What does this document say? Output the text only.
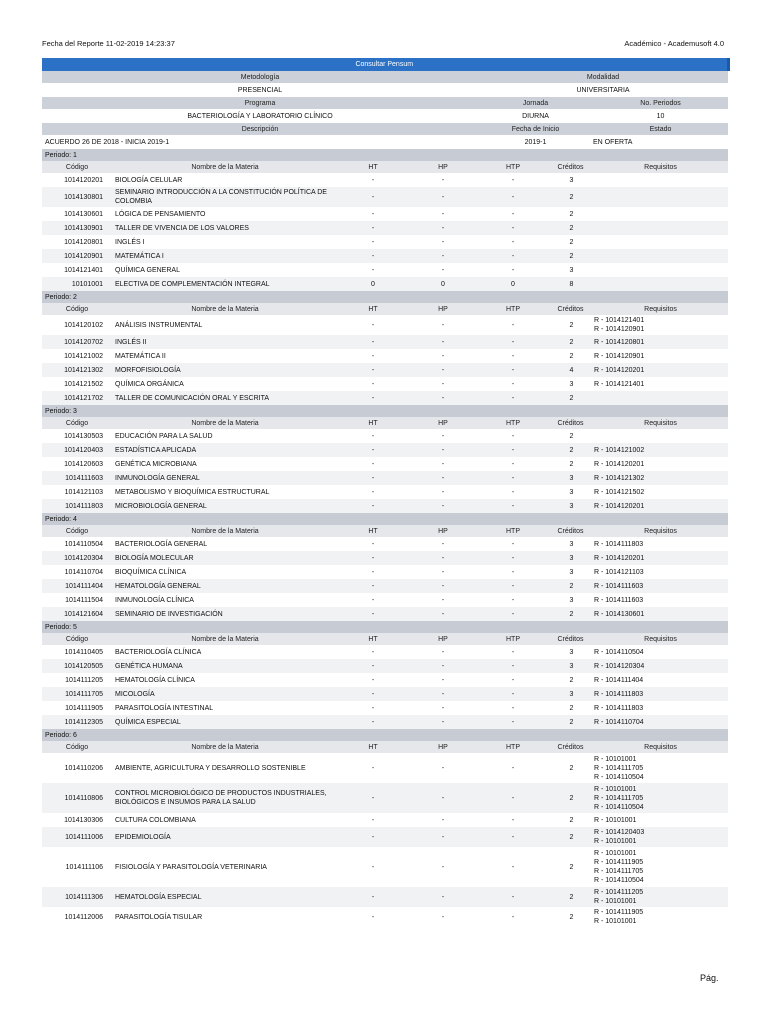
Fecha del Reporte 11-02-2019 14:23:37	Académico - Academusoft 4.0
Consultar Pensum						
Metodología				Modalidad		
PRESENCIAL				UNIVERSITARIA		
Programa				Jornada		No. Periodos
BACTERIOLOGÍA Y LABORATORIO CLÍNICO				DIURNA		10
Descripción				Fecha de Inicio		Estado
ACUERDO 26 DE 2018 - INICIA 2019-1				2019-1		EN OFERTA
Periodo: 1						
Código	Nombre de la Materia	HT	HP	HTP	Créditos	Requisitos
1014120201	BIOLOGÍA CELULAR	-	-	-	3	
1014130801	SEMINARIO INTRODUCCIÓN A LA CONSTITUCIÓN POLÍTICA DE COLOMBIA	-	-	-	2	
1014130601	LÓGICA DE PENSAMIENTO	-	-	-	2	
1014130901	TALLER DE VIVENCIA DE LOS VALORES	-	-	-	2	
1014120801	INGLÉS I	-	-	-	2	
1014120901	MATEMÁTICA I	-	-	-	2	
1014121401	QUÍMICA GENERAL	-	-	-	3	
10101001	ELECTIVA DE COMPLEMENTACIÓN INTEGRAL	0	0	0	8	
Periodo: 2						
Código	Nombre de la Materia	HT	HP	HTP	Créditos	Requisitos
1014120102	ANÁLISIS INSTRUMENTAL	-	-	-	2	R - 1014121401
R - 1014120901

1014120702	INGLÉS II	-	-	-	2	R - 1014120801

1014121002	MATEMÁTICA II	-	-	-	2	R - 1014120901

1014121302	MORFOFISIOLOGÍA	-	-	-	4	R - 1014120201

1014121502	QUÍMICA ORGÁNICA	-	-	-	3	R - 1014121401

1014121702	TALLER DE COMUNICACIÓN ORAL Y ESCRITA	-	-	-	2	
Periodo: 3						
Código	Nombre de la Materia	HT	HP	HTP	Créditos	Requisitos
1014130503	EDUCACIÓN PARA LA SALUD	-	-	-	2	
1014120403	ESTADÍSTICA APLICADA	-	-	-	2	R - 1014121002

1014120603	GENÉTICA MICROBIANA	-	-	-	2	R - 1014120201

1014111603	INMUNOLOGÍA GENERAL	-	-	-	3	R - 1014121302

1014121103	METABOLISMO Y BIOQUÍMICA ESTRUCTURAL	-	-	-	3	R - 1014121502

1014111803	MICROBIOLOGÍA GENERAL	-	-	-	3	R - 1014120201

Periodo: 4						
Código	Nombre de la Materia	HT	HP	HTP	Créditos	Requisitos
1014110504	BACTERIOLOGÍA GENERAL	-	-	-	3	R - 1014111803

1014120304	BIOLOGÍA MOLECULAR	-	-	-	3	R - 1014120201

1014110704	BIOQUÍMICA CLÍNICA	-	-	-	3	R - 1014121103

1014111404	HEMATOLOGÍA GENERAL	-	-	-	2	R - 1014111603

1014111504	INMUNOLOGÍA CLÍNICA	-	-	-	3	R - 1014111603

1014121604	SEMINARIO DE INVESTIGACIÓN	-	-	-	2	R - 1014130601

Periodo: 5						
Código	Nombre de la Materia	HT	HP	HTP	Créditos	Requisitos
1014110405	BACTERIOLOGÍA CLÍNICA	-	-	-	3	R - 1014110504

1014120505	GENÉTICA HUMANA	-	-	-	3	R - 1014120304

1014111205	HEMATOLOGÍA CLÍNICA	-	-	-	2	R - 1014111404

1014111705	MICOLOGÍA	-	-	-	3	R - 1014111803

1014111905	PARASITOLOGÍA INTESTINAL	-	-	-	2	R - 1014111803

1014112305	QUÍMICA ESPECIAL	-	-	-	2	R - 1014110704

Periodo: 6						
Código	Nombre de la Materia	HT	HP	HTP	Créditos	Requisitos
1014110206	AMBIENTE, AGRICULTURA Y DESARROLLO SOSTENIBLE	-	-	-	2	R - 10101001
R - 1014111705
R - 1014110504

1014110806	CONTROL MICROBIOLÓGICO DE PRODUCTOS INDUSTRIALES, BIOLÓGICOS E INSUMOS PARA LA SALUD	-	-	-	2	R - 10101001
R - 1014111705
R - 1014110504

1014130306	CULTURA COLOMBIANA	-	-	-	2	R - 10101001

1014111006	EPIDEMIOLOGÍA	-	-	-	2	R - 1014120403
R - 10101001

1014111106	FISIOLOGÍA Y PARASITOLOGÍA VETERINARIA	-	-	-	2	R - 10101001
R - 1014111905
R - 1014111705
R - 1014110504

1014111306	HEMATOLOGÍA ESPECIAL	-	-	-	2	R - 1014111205
R - 10101001

1014112006	PARASITOLOGÍA TISULAR	-	-	-	2	R - 1014111905
R - 10101001
Pág.
